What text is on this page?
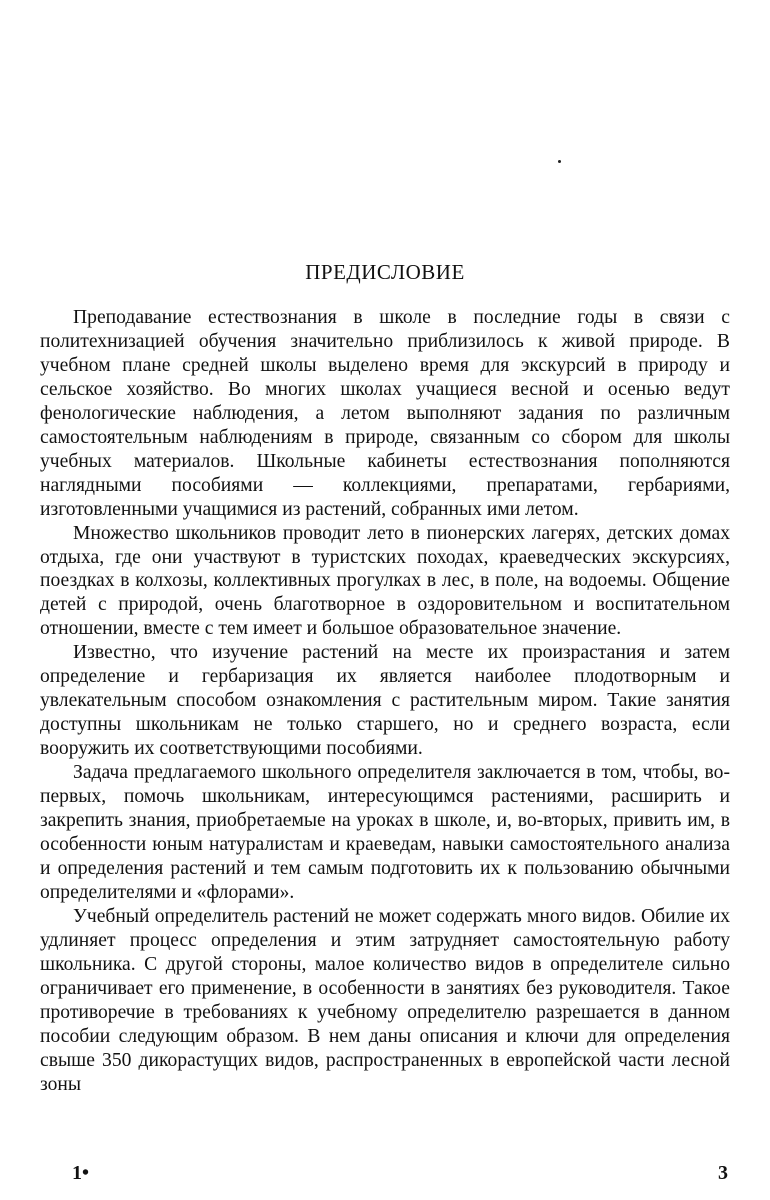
ПРЕДИСЛОВИЕ

Преподавание естествознания в школе в последние годы в связи с политехнизацией обучения значительно приблизилось к живой природе. В учебном плане средней школы выделено время для экскурсий в природу и сельское хозяйство. Во многих школах учащиеся весной и осенью ведут фенологические наблюдения, а летом выполняют задания по различным самостоятельным наблюдениям в природе, связанным со сбором для школы учебных материалов. Школьные кабинеты естествознания пополняются наглядными пособиями — коллекциями, препаратами, гербариями, изготовленными учащимися из растений, собранных ими летом.

Множество школьников проводит лето в пионерских лагерях, детских домах отдыха, где они участвуют в туристских походах, краеведческих экскурсиях, поездках в колхозы, коллективных прогулках в лес, в поле, на водоемы. Общение детей с природой, очень благотворное в оздоровительном и воспитательном отношении, вместе с тем имеет и большое образовательное значение.

Известно, что изучение растений на месте их произрастания и затем определение и гербаризация их является наиболее плодотворным и увлекательным способом ознакомления с растительным миром. Такие занятия доступны школьникам не только старшего, но и среднего возраста, если вооружить их соответствующими пособиями.

Задача предлагаемого школьного определителя заключается в том, чтобы, во-первых, помочь школьникам, интересующимся растениями, расширить и закрепить знания, приобретаемые на уроках в школе, и, во-вторых, привить им, в особенности юным натуралистам и краеведам, навыки самостоятельного анализа и определения растений и тем самым подготовить их к пользованию обычными определителями и «флорами».

Учебный определитель растений не может содержать много видов. Обилие их удлиняет процесс определения и этим затрудняет самостоятельную работу школьника. С другой стороны, малое количество видов в определителе сильно ограничивает его применение, в особенности в занятиях без руководителя. Такое противоречие в требованиях к учебному определителю разрешается в данном пособии следующим образом. В нем даны описания и ключи для определения свыше 350 дикорастущих видов, распространенных в европейской части лесной зоны

1•	3
